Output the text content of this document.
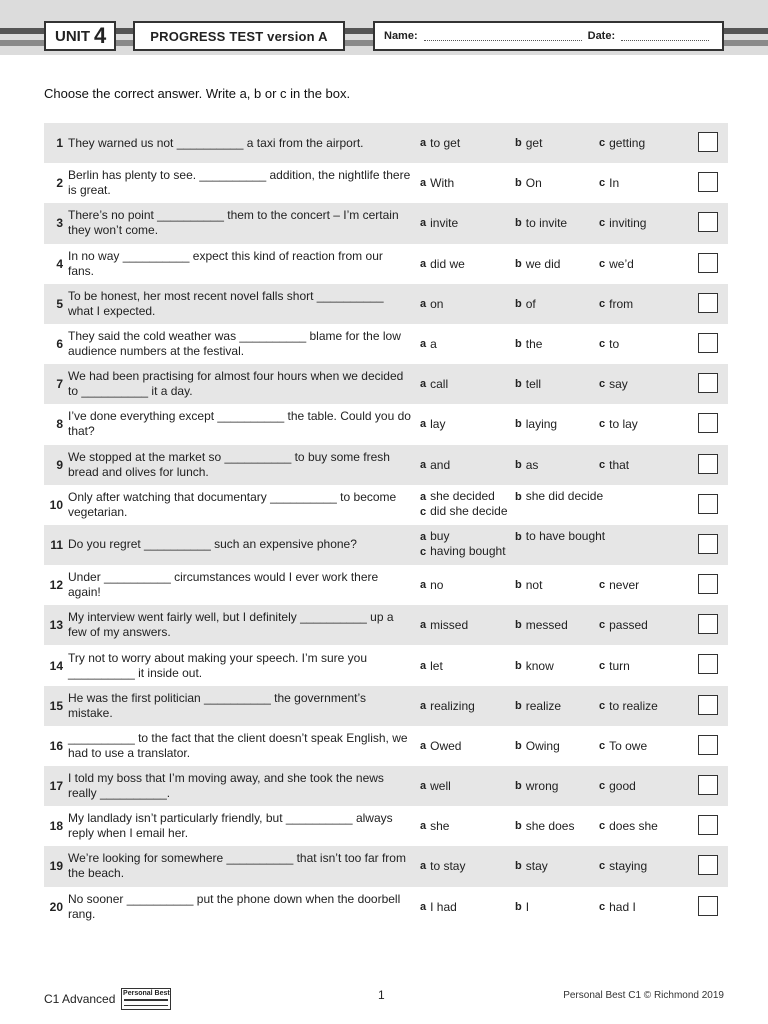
UNIT 4	PROGRESS TEST version A	Name:	Date:
Choose the correct answer. Write a, b or c in the box.
1 They warned us not __________ a taxi from the airport.	a to get	b get	c getting
2
Berlin has plenty to see. __________ addition, the nightlife there is great.	a With	b On	c In
3
There’s no point __________ them to the concert – I’m certain they won’t come.	a invite	b to invite	c inviting
4
In no way __________ expect this kind of reaction from our fans.	a did we	b we did	c we’d
5
To be honest, her most recent novel falls short __________ what I expected.	a on	b of	c from
6
They said the cold weather was __________ blame for the low audience numbers at the festival.	a a	b the	c to
7
We had been practising for almost four hours when we decided to __________ it a day.	a call	b tell	c say
8
I’ve done everything except __________ the table. Could you do that?	a lay	b laying	c to lay
9
We stopped at the market so __________ to buy some fresh bread and olives for lunch.	a and	b as	c that
10
Only after watching that documentary __________ to become vegetarian.
a she decided b she did decide
c did she decide
11 Do you regret __________ such an expensive phone?
a buy	b to have bought
c having bought
12
Under __________ circumstances would I ever work there again!	a no	b not	c never
13
My interview went fairly well, but I definitely __________ up a few of my answers.	a missed	b messed	c passed
14
Try not to worry about making your speech. I’m sure you __________ it inside out.	a let	b know	c turn
15
He was the first politician __________ the government’s mistake.	a realizing	b realize	c to realize
16
__________ to the fact that the client doesn’t speak English, we had to use a translator.	a Owed	b Owing	c To owe
17
I told my boss that I’m moving away, and she took the news really __________.	a well	b wrong	c good
18
My landlady isn’t particularly friendly, but __________ always reply when I email her.	a she	b she does c does she
19
We’re looking for somewhere __________ that isn’t too far from the beach.	a to stay	b stay	c staying
20
No sooner __________ put the phone down when the doorbell rang.	a I had	b I	c had I
C1 Advanced Personal Best	1	Personal Best C1 © Richmond 2019
